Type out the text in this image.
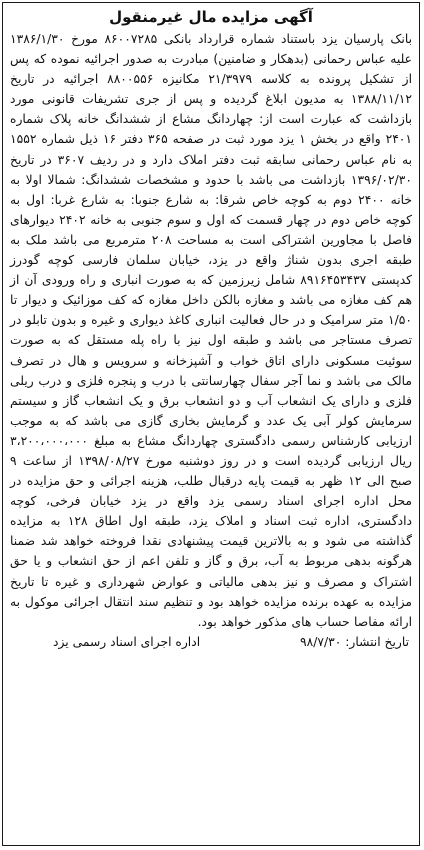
آگهی مزایده مال غیرمنقول

بانک پارسیان یزد باستناد شماره قرارداد بانکی ۸۶۰۰۷۲۸۵ مورخ ۱۳۸۶/۱/۳۰ علیه عباس رحمانی (بدهکار و ضامنین) مبادرت به صدور اجرائیه نموده که پس از تشکیل پرونده به کلاسه ۲۱/۳۹۷۹ مکانیزه ۸۸۰۰۵۵۶ اجرائیه در تاریخ ۱۳۸۸/۱۱/۱۲ به مدیون ابلاغ گردیده و پس از جری تشریفات قانونی مورد بازداشت که عبارت است از: چهاردانگ مشاع از ششدانگ خانه پلاک شماره ۲۴۰۱ واقع در بخش ۱ یزد مورد ثبت در صفحه ۳۶۵ دفتر ۱۶ ذیل شماره ۱۵۵۲ به نام عباس رحمانی سابقه ثبت دفتر املاک دارد و در ردیف ۳۶۰۷ در تاریخ ۱۳۹۶/۰۲/۳۰ بازداشت می باشد با حدود و مشخصات ششدانگ: شمالا اولا به خانه ۲۴۰۰ دوم به کوچه خاص شرقا: به شارع جنوبا: به شارع غربا: اول به کوچه خاص دوم در چهار قسمت که اول و سوم جنوبی به خانه ۲۴۰۲ دیوارهای فاصل با مجاورین اشتراکی است به مساحت ۲۰۸ مترمربع می باشد ملک به طبقه اجری بدون شناژ واقع در یزد، خیابان سلمان فارسی کوچه گودرز کدپستی ۸۹۱۶۴۵۳۴۳۷ شامل زیرزمین که به صورت انباری و راه ورودی آن از هم کف مغازه می باشد و مغازه بالکن داخل مغازه که کف موزائیک و دیوار تا ۱/۵۰ متر سرامیک و در حال فعالیت انباری کاغذ دیواری و غیره و بدون تابلو در تصرف مستاجر می باشد و طبقه اول نیز با راه پله مستقل که به صورت سوئیت مسکونی دارای اتاق خواب و آشپزخانه و سرویس و هال در تصرف مالک می باشد و نما آجر سفال چهارسانتی با درب و پنجره فلزی و درب ریلی فلزی و دارای یک انشعاب آب و دو انشعاب برق و یک انشعاب گاز و سیستم سرمایش کولر آبی یک عدد و گرمایش بخاری گازی می باشد که به موجب ارزیابی کارشناس رسمی دادگستری چهاردانگ مشاع به مبلغ ۳،۲۰۰،۰۰۰،۰۰۰ ریال ارزیابی گردیده است و در روز دوشنبه مورخ ۱۳۹۸/۰۸/۲۷ از ساعت ۹ صبح الی ۱۲ ظهر به قیمت پایه درقبال طلب، هزینه اجرائی و حق مزایده در محل اداره اجرای اسناد رسمی یزد واقع در یزد خیابان فرخی، کوچه دادگستری، اداره ثبت اسناد و املاک یزد، طبقه اول اطاق ۱۲۸ به مزایده گذاشته می شود و به بالاترین قیمت پیشنهادی نقدا فروخته خواهد شد ضمنا هرگونه بدهی مربوط به آب، برق و گاز و تلفن اعم از حق انشعاب و یا حق اشتراک و مصرف و نیز بدهی مالیاتی و عوارض شهرداری و غیره تا تاریخ مزایده به عهده برنده مزایده خواهد بود و تنظیم سند انتقال اجرائی موکول به ارائه مفاصا حساب های مذکور خواهد بود.

تاریخ انتشار: ۹۸/۷/۳۰
اداره اجرای اسناد رسمی یزد
